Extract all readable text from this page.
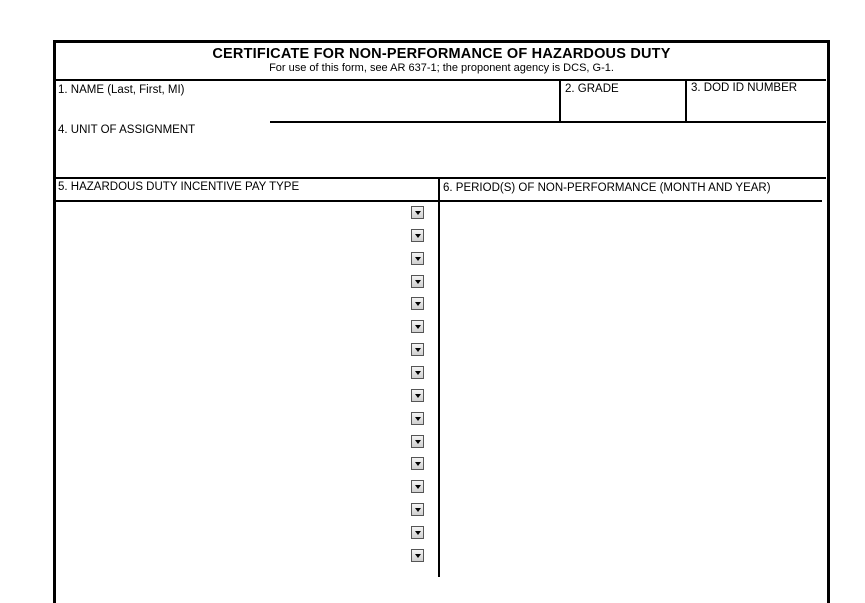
CERTIFICATE FOR NON-PERFORMANCE OF HAZARDOUS DUTY
For use of this form, see AR 637-1; the proponent agency is DCS, G-1.
1. NAME (Last, First, MI)	2. GRADE	3. DOD ID NUMBER
4. UNIT OF ASSIGNMENT
5. HAZARDOUS DUTY INCENTIVE PAY TYPE	6. PERIOD(S) OF NON-PERFORMANCE (MONTH AND YEAR)
